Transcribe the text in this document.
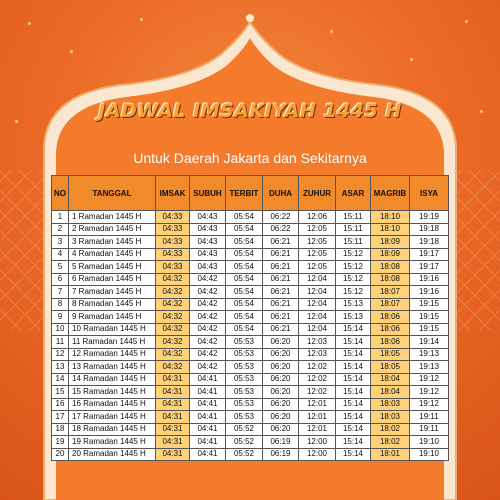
JADWAL IMSAKIYAH 1445 H
Untuk Daerah Jakarta dan Sekitarnya
NO	TANGGAL	IMSAK	SUBUH	TERBIT	DUHA	ZUHUR	ASAR	MAGRIB	ISYA
1	1 Ramadan 1445 H	04:33	04:43	05:54	06:22	12:06	15:11	18:10	19:19
2	2 Ramadan 1445 H	04:33	04:43	05:54	06:22	12:05	15:11	18:10	19:18
3	3 Ramadan 1445 H	04:33	04:43	05:54	06:21	12:05	15:11	18:09	19:18
4	4 Ramadan 1445 H	04:33	04:43	05:54	06:21	12:05	15:12	18:09	19:17
5	5 Ramadan 1445 H	04:33	04:43	05:54	06:21	12:05	15:12	18:08	19:17
6	6 Ramadan 1445 H	04:32	04:42	05:54	06:21	12:04	15:12	18:08	19:16
7	7 Ramadan 1445 H	04:32	04:42	05:54	06:21	12:04	15:12	18:07	19:16
8	8 Ramadan 1445 H	04:32	04:42	05:54	06:21	12:04	15:13	18:07	19:15
9	9 Ramadan 1445 H	04:32	04:42	05:54	06:21	12:04	15:13	18:06	19:15
10	10 Ramadan 1445 H	04:32	04:42	05:54	06:21	12:04	15:14	18:06	19:15
11	11 Ramadan 1445 H	04:32	04:42	05:53	06:20	12:03	15:14	18:06	19:14
12	12 Ramadan 1445 H	04:32	04:42	05:53	06:20	12:03	15:14	18:05	19:13
13	13 Ramadan 1445 H	04:32	04:42	05:53	06:20	12:02	15:14	18:05	19:13
14	14 Ramadan 1445 H	04:31	04:41	05:53	06:20	12:02	15:14	18:04	19:12
15	15 Ramadan 1445 H	04:31	04:41	05:53	06:20	12:02	15:14	18:04	19:12
16	16 Ramadan 1445 H	04:31	04:41	05:53	06:20	12:01	15:14	18:03	19:12
17	17 Ramadan 1445 H	04:31	04:41	05:53	06:20	12:01	15:14	18:03	19:11
18	18 Ramadan 1445 H	04:31	04:41	05:52	06:20	12:01	15:14	18:02	19:11
19	19 Ramadan 1445 H	04:31	04:41	05:52	06:19	12:00	15:14	18:02	19:10
20	20 Ramadan 1445 H	04:31	04:41	05:52	06:19	12:00	15:14	18:01	19:10
